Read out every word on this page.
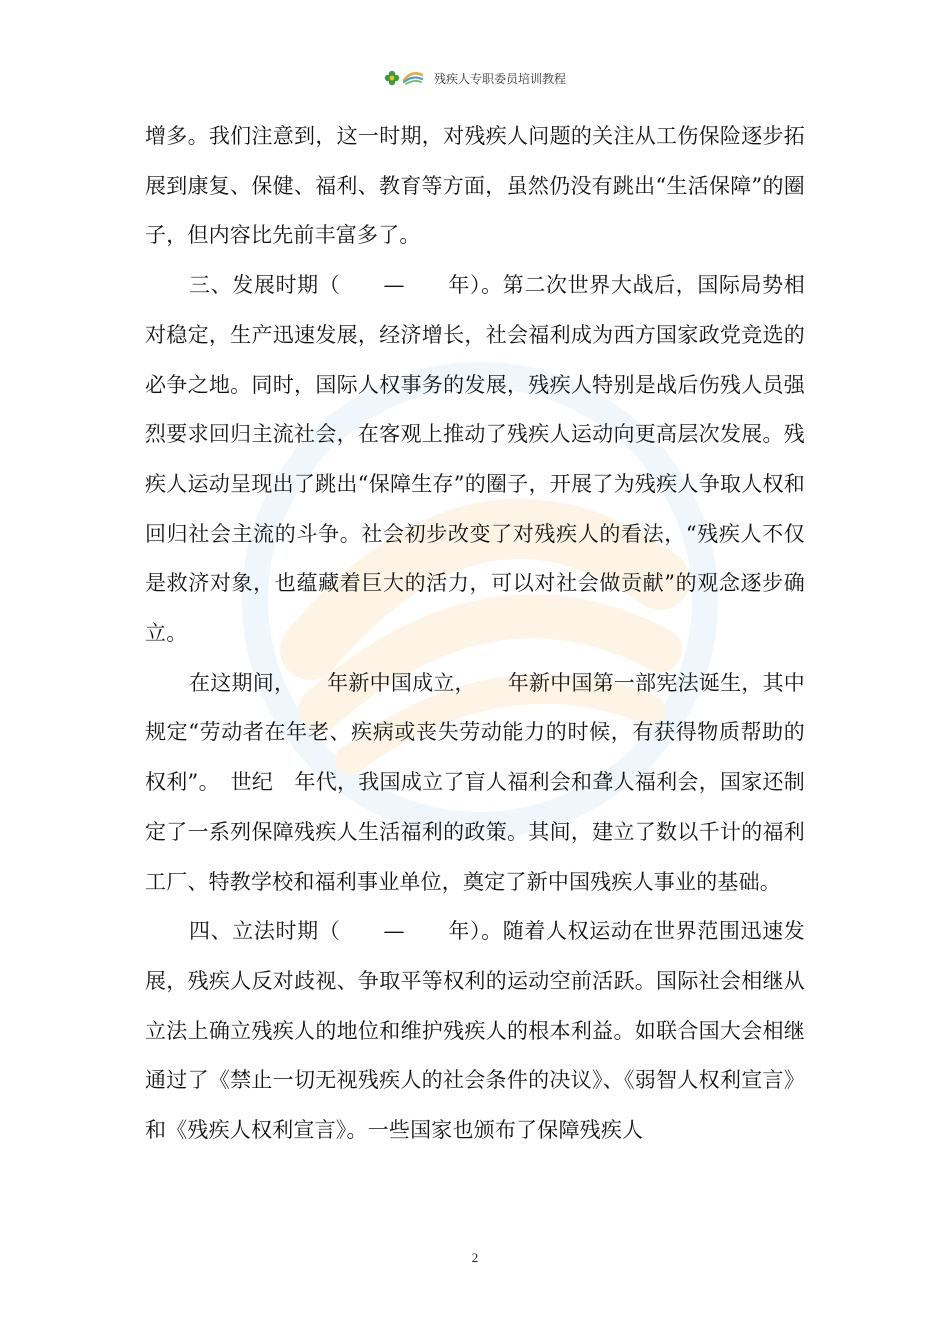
残疾人专职委员培训教程

增多。我们注意到，这一时期，对残疾人问题的关注从工伤保险逐步拓展到康复、保健、福利、教育等方面，虽然仍没有跳出“生活保障”的圈子，但内容比先前丰富多了。

三、发展时期（　　—　　年）。第二次世界大战后，国际局势相对稳定，生产迅速发展，经济增长，社会福利成为西方国家政党竞选的必争之地。同时，国际人权事务的发展，残疾人特别是战后伤残人员强烈要求回归主流社会，在客观上推动了残疾人运动向更高层次发展。残疾人运动呈现出了跳出“保障生存”的圈子，开展了为残疾人争取人权和回归社会主流的斗争。社会初步改变了对残疾人的看法，“残疾人不仅是救济对象，也蕴藏着巨大的活力，可以对社会做贡献”的观念逐步确立。

在这期间，　　年新中国成立，　　年新中国第一部宪法诞生，其中规定“劳动者在年老、疾病或丧失劳动能力的时候，有获得物质帮助的权利”。　世纪　年代，我国成立了盲人福利会和聋人福利会，国家还制定了一系列保障残疾人生活福利的政策。其间，建立了数以千计的福利工厂、特教学校和福利事业单位，奠定了新中国残疾人事业的基础。

四、立法时期（　　—　　年）。随着人权运动在世界范围迅速发展，残疾人反对歧视、争取平等权利的运动空前活跃。国际社会相继从立法上确立残疾人的地位和维护残疾人的根本利益。如联合国大会相继通过了《禁止一切无视残疾人的社会条件的决议》、《弱智人权利宣言》和《残疾人权利宣言》。一些国家也颁布了保障残疾人

2
